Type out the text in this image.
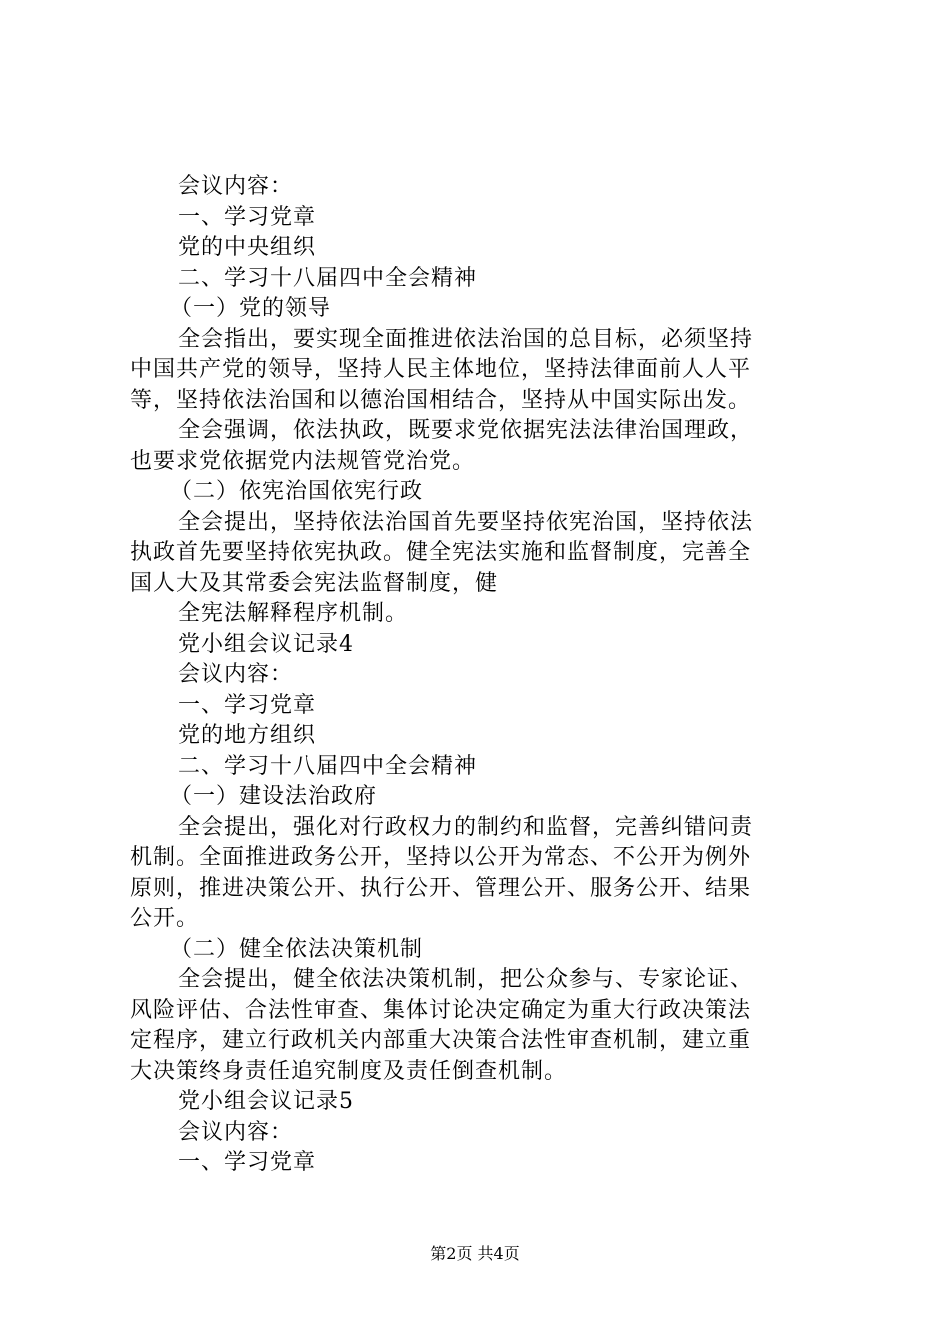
会议内容：
一、学习党章
党的中央组织
二、学习十八届四中全会精神
（一）党的领导
全会指出，要实现全面推进依法治国的总目标，必须坚持
中国共产党的领导，坚持人民主体地位，坚持法律面前人人平
等，坚持依法治国和以德治国相结合，坚持从中国实际出发。
全会强调，依法执政，既要求党依据宪法法律治国理政，
也要求党依据党内法规管党治党。
（二）依宪治国依宪行政
全会提出，坚持依法治国首先要坚持依宪治国，坚持依法
执政首先要坚持依宪执政。健全宪法实施和监督制度，完善全
国人大及其常委会宪法监督制度，健
全宪法解释程序机制。
党小组会议记录4
会议内容：
一、学习党章
党的地方组织
二、学习十八届四中全会精神
（一）建设法治政府
全会提出，强化对行政权力的制约和监督，完善纠错问责
机制。全面推进政务公开，坚持以公开为常态、不公开为例外
原则，推进决策公开、执行公开、管理公开、服务公开、结果
公开。
（二）健全依法决策机制
全会提出，健全依法决策机制，把公众参与、专家论证、
风险评估、合法性审查、集体讨论决定确定为重大行政决策法
定程序，建立行政机关内部重大决策合法性审查机制，建立重
大决策终身责任追究制度及责任倒查机制。
党小组会议记录5
会议内容：
一、学习党章
第2页 共4页
